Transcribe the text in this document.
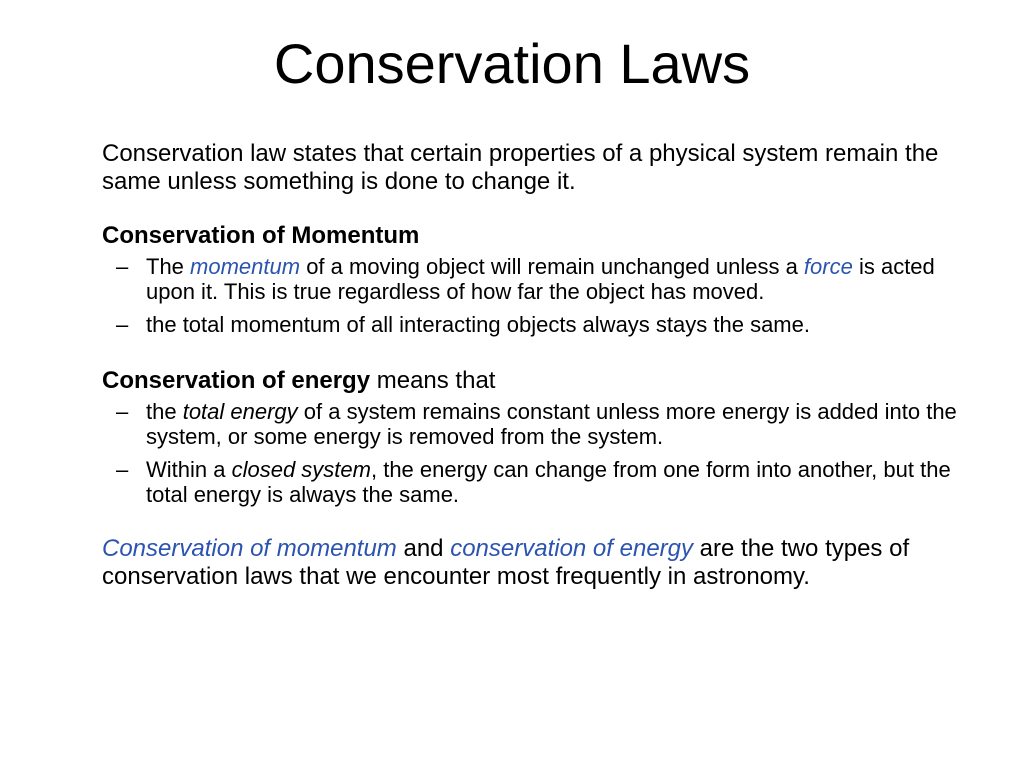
Conservation Laws

Conservation law states that certain properties of a physical system remain the same unless something is done to change it.

Conservation of Momentum

– The momentum of a moving object will remain unchanged unless a force is acted upon it. This is true regardless of how far the object has moved.
– the total momentum of all interacting objects always stays the same.

Conservation of energy means that

– the total energy of a system remains constant unless more energy is added into the system, or some energy is removed from the system.
– Within a closed system, the energy can change from one form into another, but the total energy is always the same.

Conservation of momentum and conservation of energy are the two types of conservation laws that we encounter most frequently in astronomy.
